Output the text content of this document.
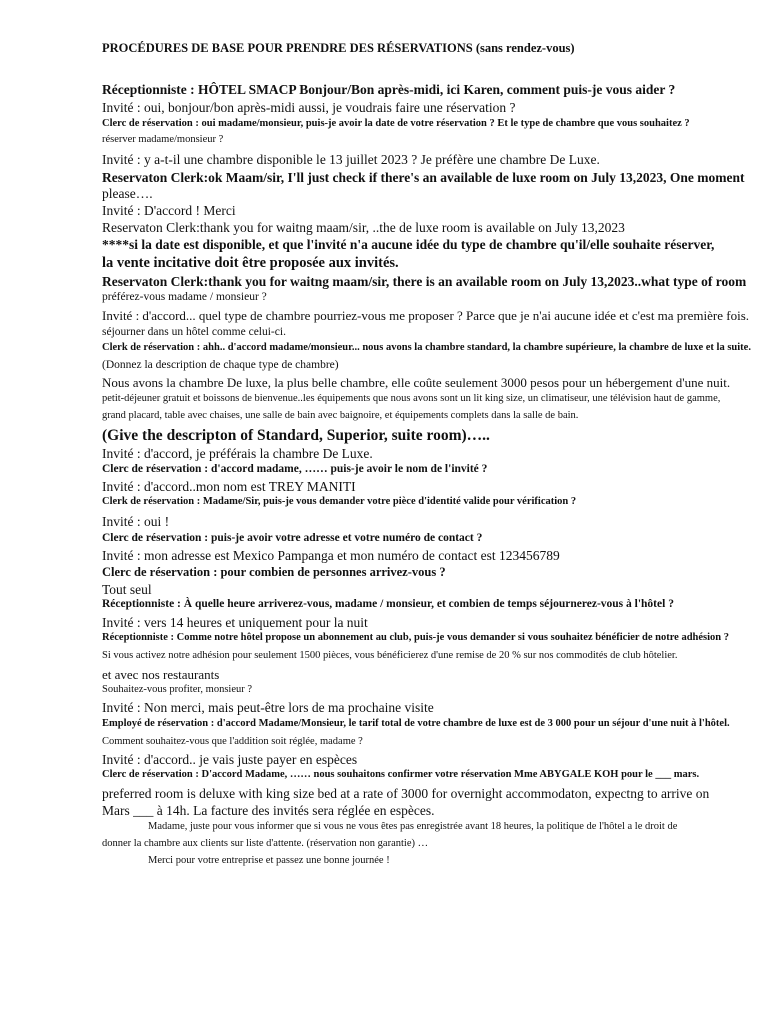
PROCÉDURES DE BASE POUR PRENDRE DES RÉSERVATIONS (sans rendez-vous)
Réceptionniste : HÔTEL SMACP Bonjour/Bon après-midi, ici Karen, comment puis-je vous aider ?
Invité : oui, bonjour/bon après-midi aussi, je voudrais faire une réservation ?
Clerc de réservation : oui madame/monsieur, puis-je avoir la date de votre réservation ? Et le type de chambre que vous souhaitez ?
réserver madame/monsieur ?
Invité : y a-t-il une chambre disponible le 13 juillet 2023 ? Je préfère une chambre De Luxe.
Reservaton Clerk:ok Maam/sir, I'll just check if there's an available de luxe room on July 13,2023, One moment
please….
Invité : D'accord ! Merci
Reservaton Clerk:thank you for waitng maam/sir, ..the de luxe room is available on July 13,2023
****si la date est disponible, et que l'invité n'a aucune idée du type de chambre qu'il/elle souhaite réserver,
la vente incitative doit être proposée aux invités.
Reservaton Clerk:thank you for waitng maam/sir, there is an available room on July 13,2023..what type of room
préférez-vous madame / monsieur ?
Invité : d'accord... quel type de chambre pourriez-vous me proposer ? Parce que je n'ai aucune idée et c'est ma première fois.
séjourner dans un hôtel comme celui-ci.
Clerk de réservation : ahh.. d'accord madame/monsieur... nous avons la chambre standard, la chambre supérieure, la chambre de luxe et la suite.
(Donnez la description de chaque type de chambre)
Nous avons la chambre De luxe, la plus belle chambre, elle coûte seulement 3000 pesos pour un hébergement d'une nuit.
petit-déjeuner gratuit et boissons de bienvenue..les équipements que nous avons sont un lit king size, un climatiseur, une télévision haut de gamme,
grand placard, table avec chaises, une salle de bain avec baignoire, et équipements complets dans la salle de bain.
(Give the descripton of Standard, Superior, suite room)…..
Invité : d'accord, je préférais la chambre De Luxe.
Clerc de réservation : d'accord madame, …… puis-je avoir le nom de l'invité ?
Invité : d'accord..mon nom est TREY MANITI
Clerk de réservation : Madame/Sir, puis-je vous demander votre pièce d'identité valide pour vérification ?
Invité : oui !
Clerc de réservation : puis-je avoir votre adresse et votre numéro de contact ?
Invité : mon adresse est Mexico Pampanga et mon numéro de contact est 123456789
Clerc de réservation : pour combien de personnes arrivez-vous ?
Tout seul
Réceptionniste : À quelle heure arriverez-vous, madame / monsieur, et combien de temps séjournerez-vous à l'hôtel ?
Invité : vers 14 heures et uniquement pour la nuit
Réceptionniste : Comme notre hôtel propose un abonnement au club, puis-je vous demander si vous souhaitez bénéficier de notre adhésion ?
Si vous activez notre adhésion pour seulement 1500 pièces, vous bénéficierez d'une remise de 20 % sur nos commodités de club hôtelier.
et avec nos restaurants
Souhaitez-vous profiter, monsieur ?
Invité : Non merci, mais peut-être lors de ma prochaine visite
Employé de réservation : d'accord Madame/Monsieur, le tarif total de votre chambre de luxe est de 3 000 pour un séjour d'une nuit à l'hôtel.
Comment souhaitez-vous que l'addition soit réglée, madame ?
Invité : d'accord.. je vais juste payer en espèces
Clerc de réservation : D'accord Madame, …… nous souhaitons confirmer votre réservation Mme ABYGALE KOH pour le ___ mars.
preferred room is deluxe with king size bed at a rate of 3000 for overnight accommodaton, expectng to arrive on
Mars ___ à 14h. La facture des invités sera réglée en espèces.
Madame, juste pour vous informer que si vous ne vous êtes pas enregistrée avant 18 heures, la politique de l'hôtel a le droit de
donner la chambre aux clients sur liste d'attente. (réservation non garantie) …
Merci pour votre entreprise et passez une bonne journée !
